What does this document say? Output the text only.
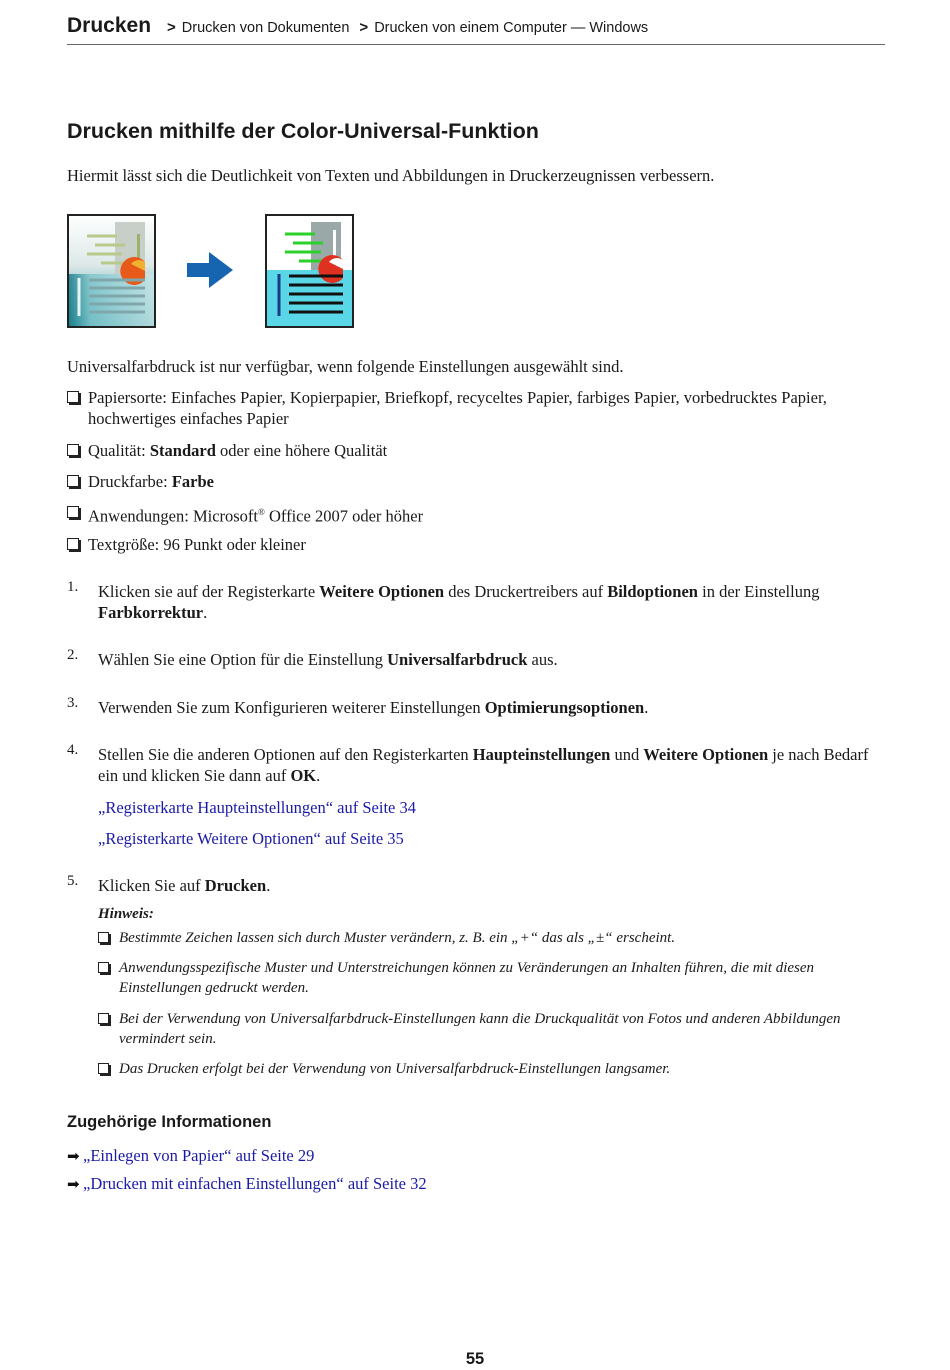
Drucken	> Drucken von Dokumenten > Drucken von einem Computer — Windows
Drucken mithilfe der Color-Universal-Funktion

Hiermit lässt sich die Deutlichkeit von Texten und Abbildungen in Druckerzeugnissen verbessern.

Universalfarbdruck ist nur verfügbar, wenn folgende Einstellungen ausgewählt sind.

Papiersorte: Einfaches Papier, Kopierpapier, Briefkopf, recyceltes Papier, farbiges Papier, vorbedrucktes Papier, hochwertiges einfaches Papier
Qualität: Standard oder eine höhere Qualität
Druckfarbe: Farbe
Anwendungen: Microsoft® Office 2007 oder höher
Textgröße: 96 Punkt oder kleiner
1. Klicken sie auf der Registerkarte Weitere Optionen des Druckertreibers auf Bildoptionen in der Einstellung Farbkorrektur.
2. Wählen Sie eine Option für die Einstellung Universalfarbdruck aus.
3. Verwenden Sie zum Konfigurieren weiterer Einstellungen Optimierungsoptionen.
4. Stellen Sie die anderen Optionen auf den Registerkarten Haupteinstellungen und Weitere Optionen je nach Bedarf ein und klicken Sie dann auf OK.
„Registerkarte Haupteinstellungen“ auf Seite 34
„Registerkarte Weitere Optionen“ auf Seite 35
5. Klicken Sie auf Drucken.
Hinweis:
Bestimmte Zeichen lassen sich durch Muster verändern, z. B. ein „+“ das als „±“ erscheint.
Anwendungsspezifische Muster und Unterstreichungen können zu Veränderungen an Inhalten führen, die mit diesen Einstellungen gedruckt werden.
Bei der Verwendung von Universalfarbdruck-Einstellungen kann die Druckqualität von Fotos und anderen Abbildungen vermindert sein.
Das Drucken erfolgt bei der Verwendung von Universalfarbdruck-Einstellungen langsamer.
Zugehörige Informationen
➡ „Einlegen von Papier“ auf Seite 29
➡ „Drucken mit einfachen Einstellungen“ auf Seite 32
55
